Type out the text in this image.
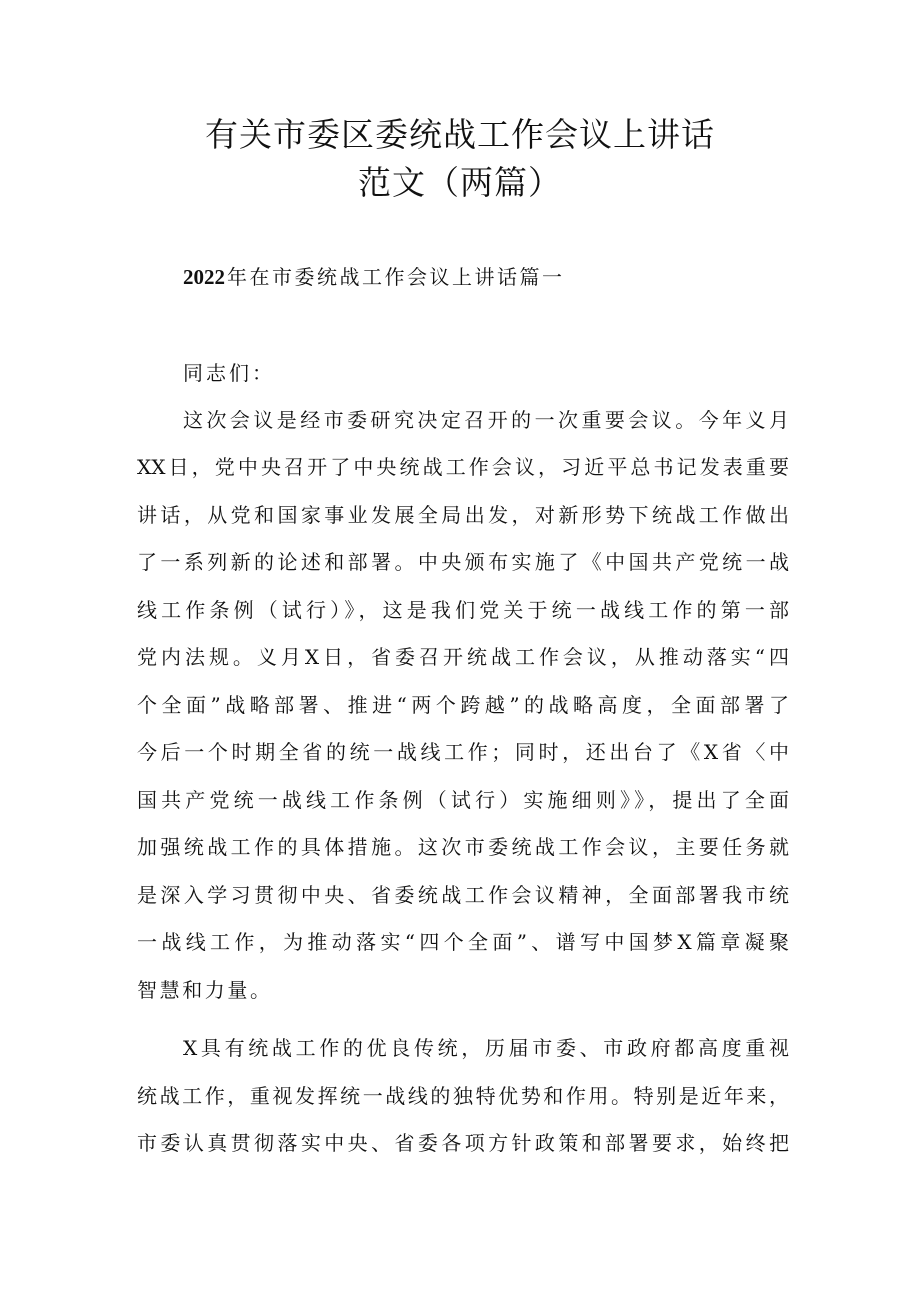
有关市委区委统战工作会议上讲话
范文（两篇）
2022 年在市委统战工作会议上讲话篇一

同志们：

这次会议是经市委研究决定召开的一次重要会议。今年义月

XX日，党中央召开了中央统战工作会议，习近平总书记发表重要

讲话，从党和国家事业发展全局出发，对新形势下统战工作做出

了一系列新的论述和部署。中央颁布实施了《中国共产党统一战

线工作条例（试行）》，这是我们党关于统一战线工作的第一部

党内法规。义月X日，省委召开统战工作会议，从推动落实“四

个全面”战略部署、推进“两个跨越”的战略高度，全面部署了

今后一个时期全省的统一战线工作；同时，还出台了《X省〈中

国共产党统一战线工作条例（试行）实施细则》》，提出了全面

加强统战工作的具体措施。这次市委统战工作会议，主要任务就

是深入学习贯彻中央、省委统战工作会议精神，全面部署我市统

一战线工作，为推动落实“四个全面”、谱写中国梦X篇章凝聚

智慧和力量。

X具有统战工作的优良传统，历届市委、市政府都高度重视

统战工作，重视发挥统一战线的独特优势和作用。特别是近年来，

市委认真贯彻落实中央、省委各项方针政策和部署要求，始终把
